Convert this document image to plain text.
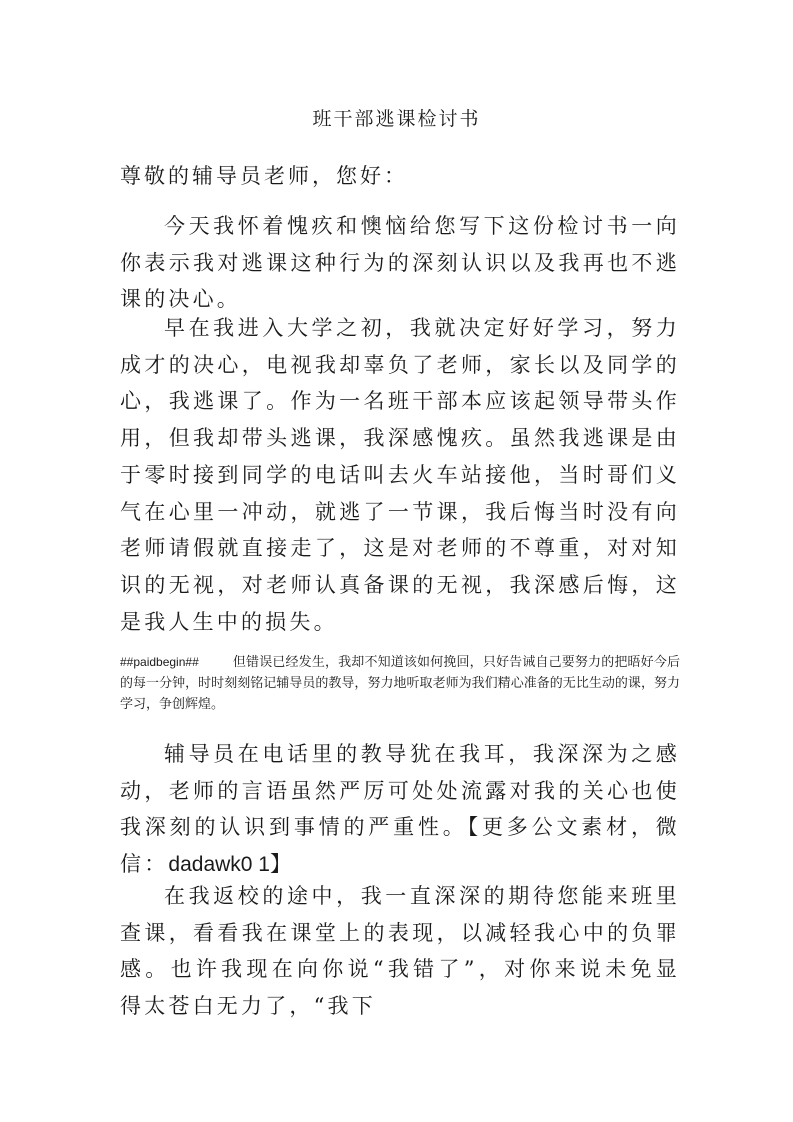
班干部逃课检讨书
尊敬的辅导员老师，您好：
今天我怀着愧疚和懊恼给您写下这份检讨书一向你表示我对逃课这种行为的深刻认识以及我再也不逃课的决心。
早在我进入大学之初，我就决定好好学习，努力成才的决心，电视我却辜负了老师，家长以及同学的心，我逃课了。作为一名班干部本应该起领导带头作用，但我却带头逃课，我深感愧疚。虽然我逃课是由于零时接到同学的电话叫去火车站接他，当时哥们义气在心里一冲动，就逃了一节课，我后悔当时没有向老师请假就直接走了，这是对老师的不尊重，对对知识的无视，对老师认真备课的无视，我深感后悔，这是我人生中的损失。
##paidbegin##	但错误已经发生，我却不知道该如何挽回，只好告诫自己要努力的把晤好今后的每一分钟，时时刻刻铭记辅导员的教导，努力地听取老师为我们精心准备的无比生动的课，努力学习，争创辉煌。
辅导员在电话里的教导犹在我耳，我深深为之感动，老师的言语虽然严厉可处处流露对我的关心也使我深刻的认识到事情的严重性。【更多公文素材，微信：dadawk0 1】
在我返校的途中，我一直深深的期待您能来班里查课，看看我在课堂上的表现，以减轻我心中的负罪感。也许我现在向你说“我错了”，对你来说未免显得太苍白无力了，“我下
